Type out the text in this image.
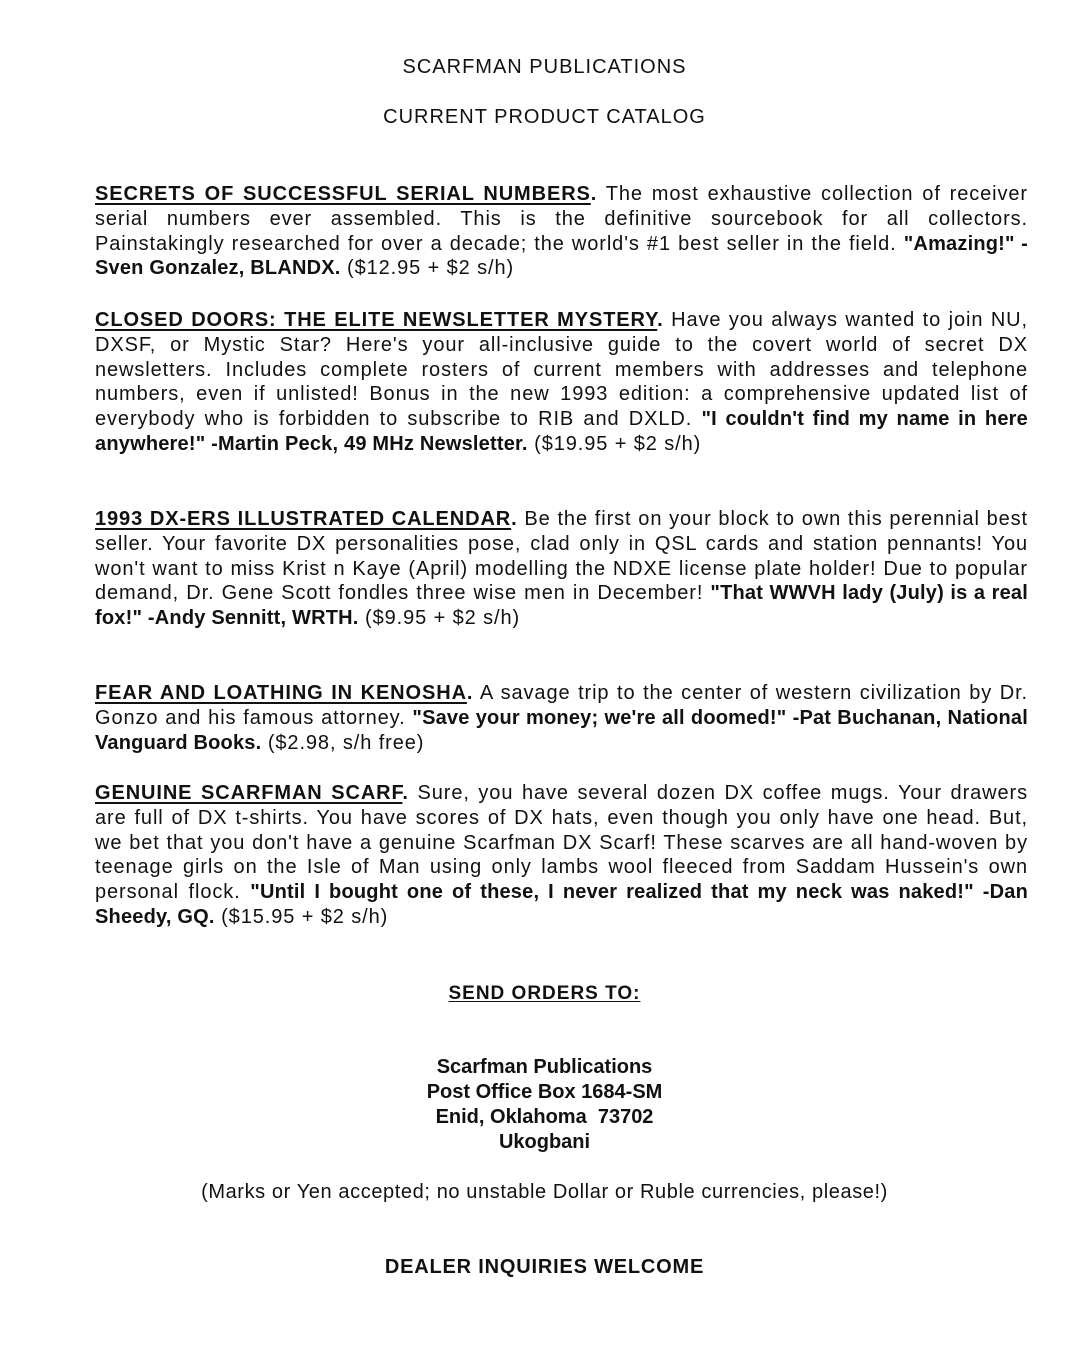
SCARFMAN PUBLICATIONS
CURRENT PRODUCT CATALOG
SECRETS OF SUCCESSFUL SERIAL NUMBERS. The most exhaustive collection of receiver serial numbers ever assembled. This is the definitive sourcebook for all collectors. Painstakingly researched for over a decade; the world's #1 best seller in the field. "Amazing!" -Sven Gonzalez, BLANDX. ($12.95 + $2 s/h)
CLOSED DOORS: THE ELITE NEWSLETTER MYSTERY. Have you always wanted to join NU, DXSF, or Mystic Star? Here's your all-inclusive guide to the covert world of secret DX newsletters. Includes complete rosters of current members with addresses and telephone numbers, even if unlisted! Bonus in the new 1993 edition: a comprehensive updated list of everybody who is forbidden to subscribe to RIB and DXLD. "I couldn't find my name in here anywhere!" -Martin Peck, 49 MHz Newsletter. ($19.95 + $2 s/h)
1993 DX-ERS ILLUSTRATED CALENDAR. Be the first on your block to own this perennial best seller. Your favorite DX personalities pose, clad only in QSL cards and station pennants! You won't want to miss Krist n Kaye (April) modelling the NDXE license plate holder! Due to popular demand, Dr. Gene Scott fondles three wise men in December! "That WWVH lady (July) is a real fox!" -Andy Sennitt, WRTH. ($9.95 + $2 s/h)
FEAR AND LOATHING IN KENOSHA. A savage trip to the center of western civilization by Dr. Gonzo and his famous attorney. "Save your money; we're all doomed!" -Pat Buchanan, National Vanguard Books. ($2.98, s/h free)
GENUINE SCARFMAN SCARF. Sure, you have several dozen DX coffee mugs. Your drawers are full of DX t-shirts. You have scores of DX hats, even though you only have one head. But, we bet that you don't have a genuine Scarfman DX Scarf! These scarves are all hand-woven by teenage girls on the Isle of Man using only lambs wool fleeced from Saddam Hussein's own personal flock. "Until I bought one of these, I never realized that my neck was naked!" -Dan Sheedy, GQ. ($15.95 + $2 s/h)
SEND ORDERS TO:
Scarfman Publications
Post Office Box 1684-SM
Enid, Oklahoma  73702
Ukogbani
(Marks or Yen accepted; no unstable Dollar or Ruble currencies, please!)
DEALER INQUIRIES WELCOME
